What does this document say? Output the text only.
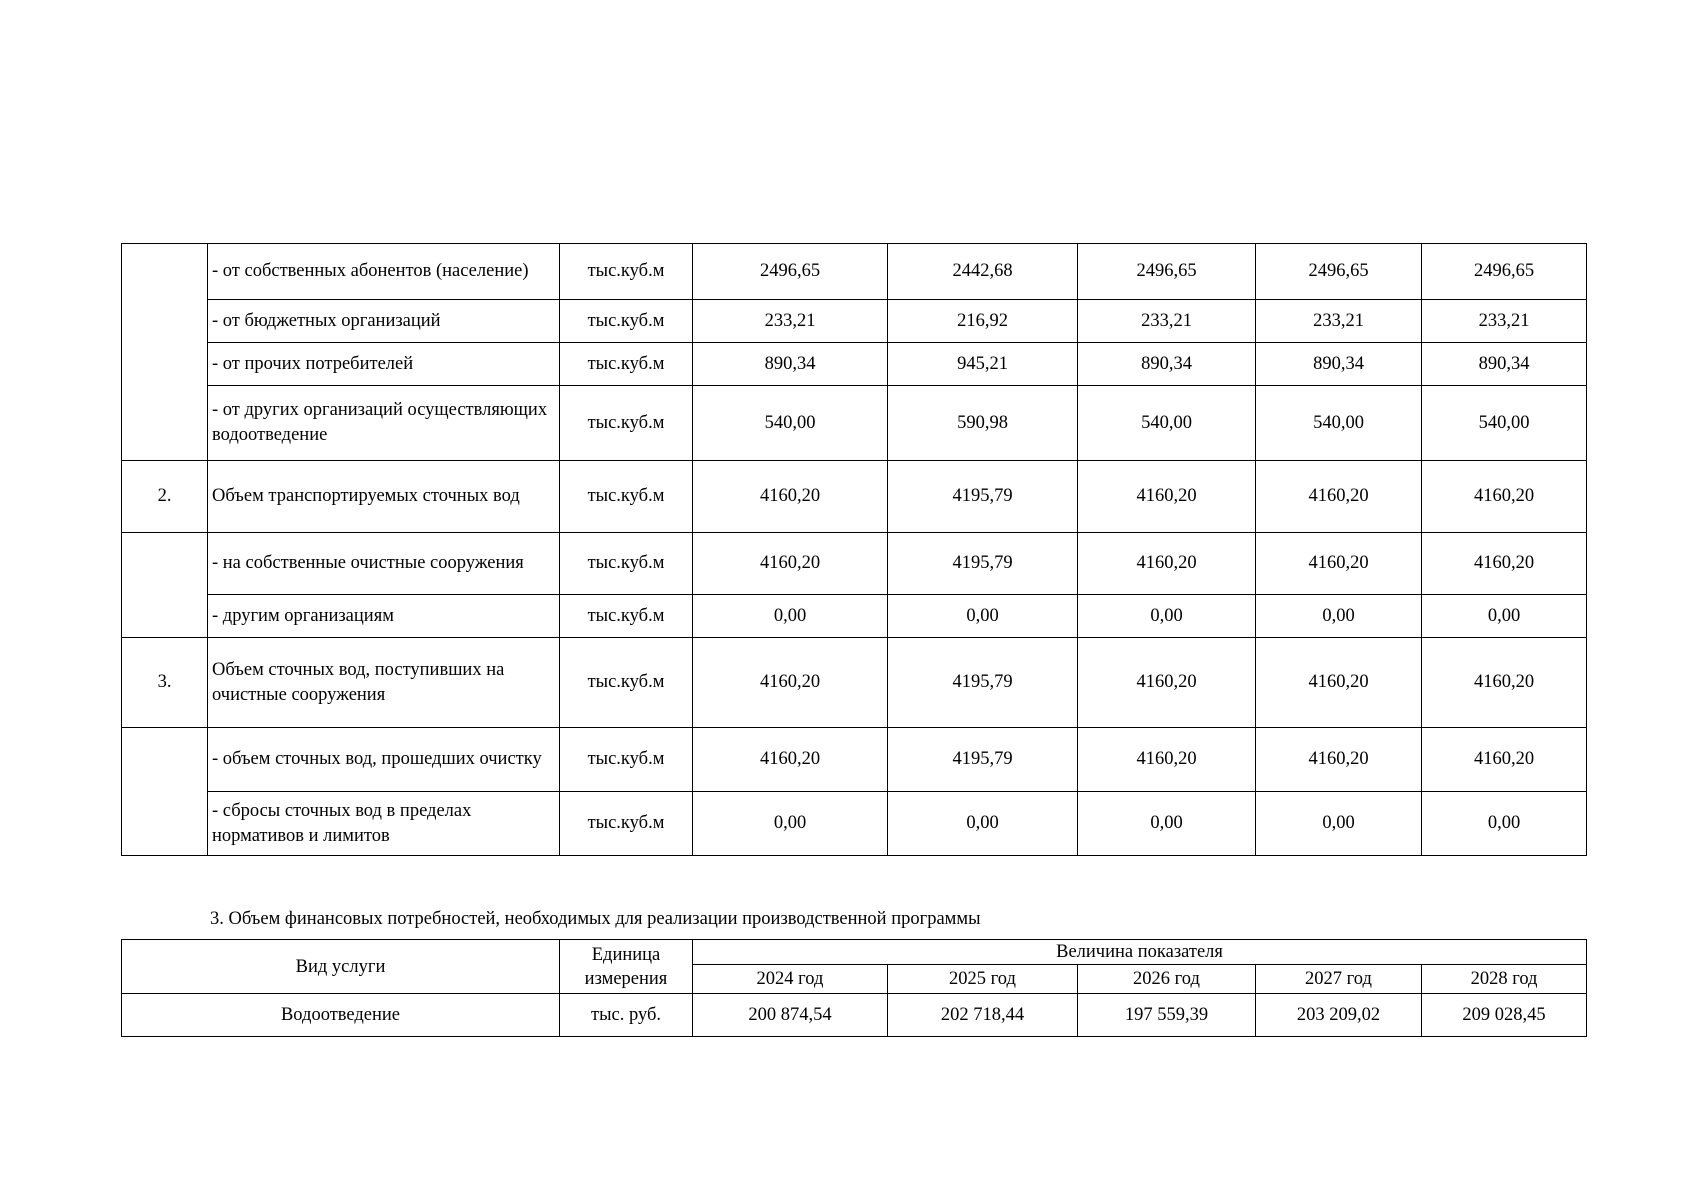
	- от собственных абонентов (население)	тыс.куб.м	2496,65	2442,68	2496,65	2496,65	2496,65
	- от бюджетных организаций	тыс.куб.м	233,21	216,92	233,21	233,21	233,21
	- от прочих потребителей	тыс.куб.м	890,34	945,21	890,34	890,34	890,34
	- от других организаций осуществляющих водоотведение	тыс.куб.м	540,00	590,98	540,00	540,00	540,00
2.	Объем транспортируемых сточных вод	тыс.куб.м	4160,20	4195,79	4160,20	4160,20	4160,20
	- на собственные очистные сооружения	тыс.куб.м	4160,20	4195,79	4160,20	4160,20	4160,20
	- другим организациям	тыс.куб.м	0,00	0,00	0,00	0,00	0,00
3.	Объем сточных вод, поступивших на очистные сооружения	тыс.куб.м	4160,20	4195,79	4160,20	4160,20	4160,20
	- объем сточных вод, прошедших очистку	тыс.куб.м	4160,20	4195,79	4160,20	4160,20	4160,20
	- сбросы сточных вод в пределах нормативов и лимитов	тыс.куб.м	0,00	0,00	0,00	0,00	0,00
3. Объем финансовых потребностей, необходимых для реализации производственной программы
Вид услуги	Единица измерения	Величина показателя				
		2024 год	2025 год	2026 год	2027 год	2028 год
Водоотведение	тыс. руб.	200 874,54	202 718,44	197 559,39	203 209,02	209 028,45
